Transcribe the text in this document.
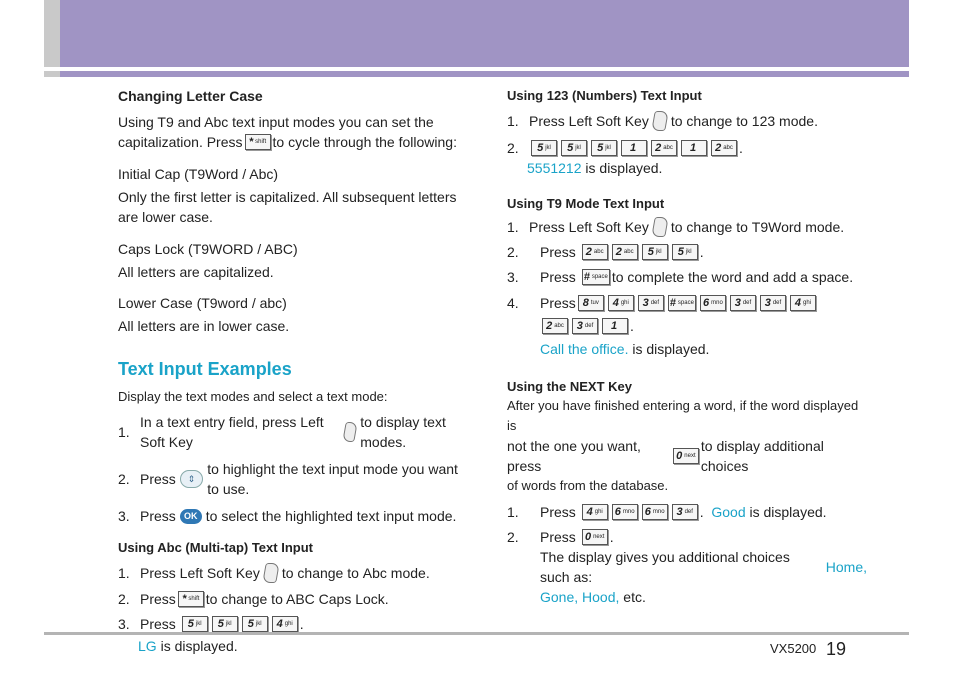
Changing Letter Case

Using T9 and Abc text input modes you can set the

capitalization. Press * shift to cycle through the following:

Initial Cap (T9Word / Abc)

Only the first letter is capitalized. All subsequent letters

are lower case.

Caps Lock (T9WORD / ABC)

All letters are capitalized.

Lower Case (T9word / abc)

All letters are in lower case.

Text Input Examples

Display the text modes and select a text mode:

1.
In a text entry field, press Left Soft Key
to display text modes.
2. Press	⇕
to highlight the text input mode you want to use.
3. Press OK to select the highlighted text input mode.

Using Abc (Multi-tap) Text Input

1. Press Left Soft Key to change to
Abc mode.
2. Press * shift to change to ABC Caps Lock.
3. Press
5 jkl 5 jkl 5 jkl 4 ghi .
LG
is displayed.

Using 123 (Numbers) Text Input

1. Press Left Soft Key to change to 123 mode.
2.	5 jkl 5 jkl 5 jkl 1 2 abc 1 2 abc .
5551212
is displayed.

Using T9 Mode Text Input

1. Press Left Soft Key to change to
T9Word
mode.
2.	Press
2 abc 2 abc 5 jkl 5 jkl .
3.	Press
# space to complete the word and add a space.
4.	Press 8 tuv 4 ghi 3 def # space 6 mno 3 def 3 def 4 ghi
2 abc 3 def 1 .
Call the office.
is displayed.

Using the NEXT Key

After you have finished entering a word, if the word displayed is

not the one you want, press
0 next
to display additional choices

of words from the database.

1.	Press
4 ghi 6 mno 6 mno 3 def .
Good
is displayed.
2.	Press
0 next .
The display gives you additional choices such as:

Home,
Gone, Hood,
etc.
VX5200 19
